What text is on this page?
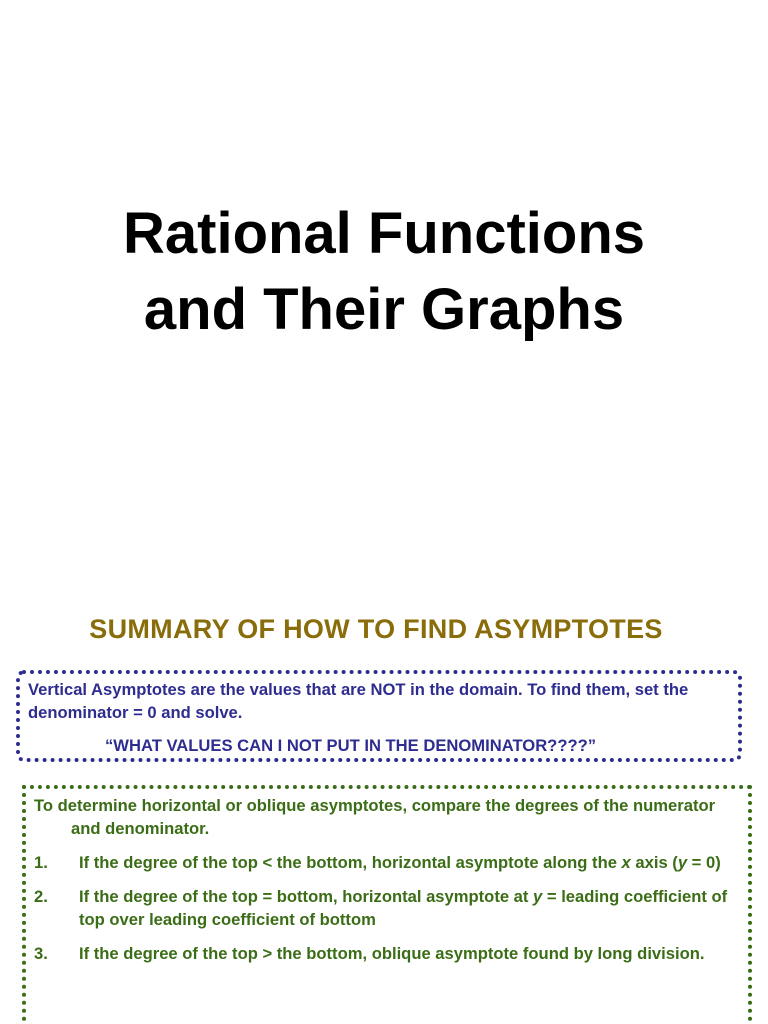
Rational Functions
and Their Graphs
SUMMARY OF HOW TO FIND ASYMPTOTES
Vertical Asymptotes are the values that are NOT in the domain. To find them, set the denominator = 0 and solve.
“WHAT VALUES CAN I NOT PUT IN THE DENOMINATOR????”
To determine horizontal or oblique asymptotes, compare the degrees of the numerator and denominator.
1. If the degree of the top < the bottom, horizontal asymptote along the x axis (y = 0)
2. If the degree of the top = bottom, horizontal asymptote at y = leading coefficient of top over leading coefficient of bottom
3. If the degree of the top > the bottom, oblique asymptote found by long division.
